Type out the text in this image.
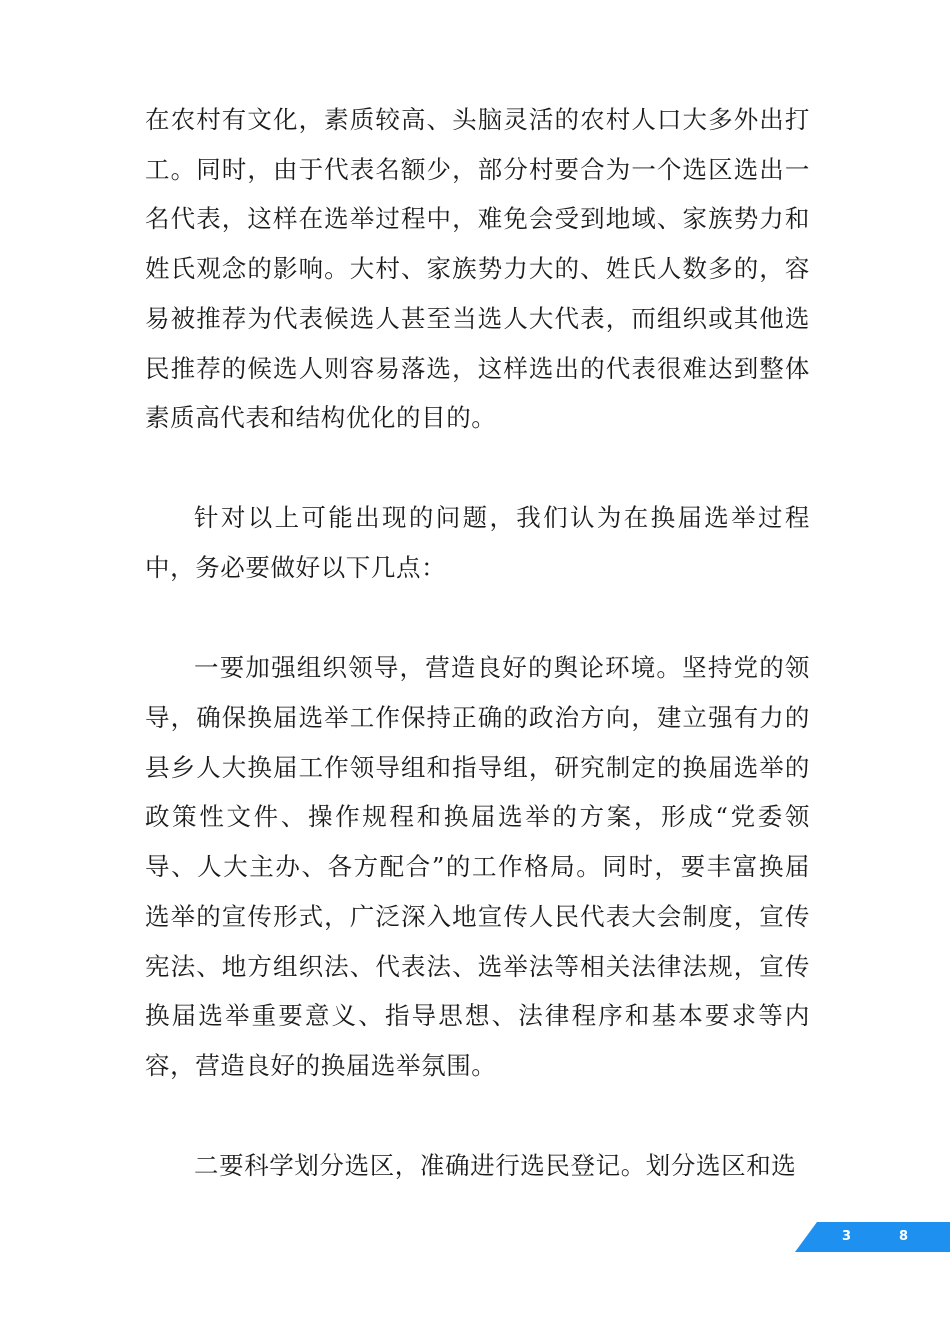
在农村有文化，素质较高、头脑灵活的农村人口大多外出打工。同时，由于代表名额少，部分村要合为一个选区选出一名代表，这样在选举过程中，难免会受到地域、家族势力和姓氏观念的影响。大村、家族势力大的、姓氏人数多的，容易被推荐为代表候选人甚至当选人大代表，而组织或其他选民推荐的候选人则容易落选，这样选出的代表很难达到整体素质高代表和结构优化的目的。

针对以上可能出现的问题，我们认为在换届选举过程中，务必要做好以下几点：

一要加强组织领导，营造良好的舆论环境。坚持党的领导，确保换届选举工作保持正确的政治方向，建立强有力的县乡人大换届工作领导组和指导组，研究制定的换届选举的政策性文件、操作规程和换届选举的方案，形成“党委领导、人大主办、各方配合”的工作格局。同时，要丰富换届选举的宣传形式，广泛深入地宣传人民代表大会制度，宣传宪法、地方组织法、代表法、选举法等相关法律法规，宣传换届选举重要意义、指导思想、法律程序和基本要求等内容，营造良好的换届选举氛围。

二要科学划分选区，准确进行选民登记。划分选区和选

3	8
